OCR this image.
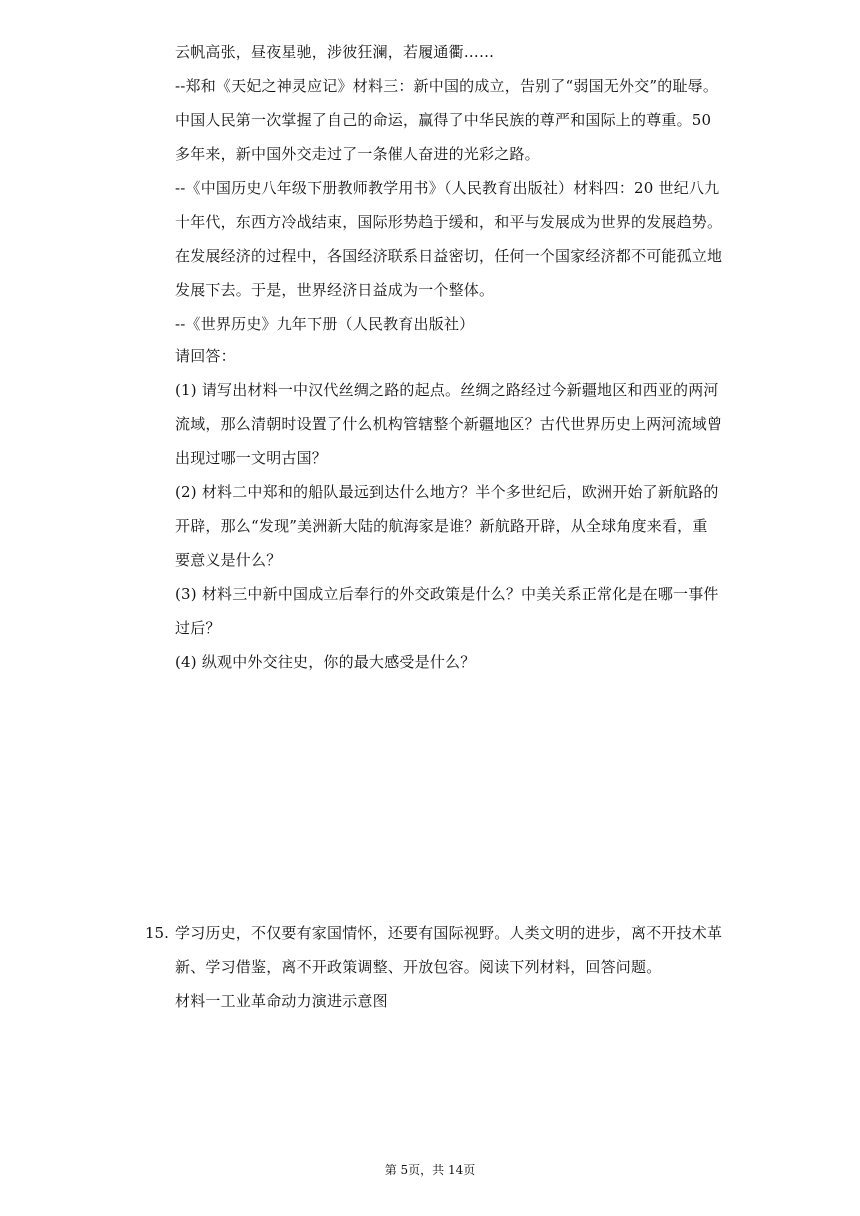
云帆高张，昼夜星驰，涉彼狂澜，若履通衢……
--郑和《天妃之神灵应记》材料三：新中国的成立，告别了“弱国无外交”的耻辱。
中国人民第一次掌握了自己的命运，赢得了中华民族的尊严和国际上的尊重。50
多年来，新中国外交走过了一条催人奋进的光彩之路。
--《中国历史八年级下册教师教学用书》（人民教育出版社）材料四：20 世纪八九
十年代，东西方冷战结束，国际形势趋于缓和，和平与发展成为世界的发展趋势。
在发展经济的过程中，各国经济联系日益密切，任何一个国家经济都不可能孤立地
发展下去。于是，世界经济日益成为一个整体。
--《世界历史》九年下册（人民教育出版社）
请回答：
(1) 请写出材料一中汉代丝绸之路的起点。丝绸之路经过今新疆地区和西亚的两河
流域，那么清朝时设置了什么机构管辖整个新疆地区？古代世界历史上两河流域曾
出现过哪一文明古国？
(2) 材料二中郑和的船队最远到达什么地方？半个多世纪后，欧洲开始了新航路的
开辟，那么“发现”美洲新大陆的航海家是谁？新航路开辟，从全球角度来看，重
要意义是什么？
(3) 材料三中新中国成立后奉行的外交政策是什么？中美关系正常化是在哪一事件
过后？
(4) 纵观中外交往史，你的最大感受是什么？
15. 学习历史，不仅要有家国情怀，还要有国际视野。人类文明的进步，离不开技术革
新、学习借鉴，离不开政策调整、开放包容。阅读下列材料，回答问题。
材料一工业革命动力演进示意图
第 5页，共 14页
